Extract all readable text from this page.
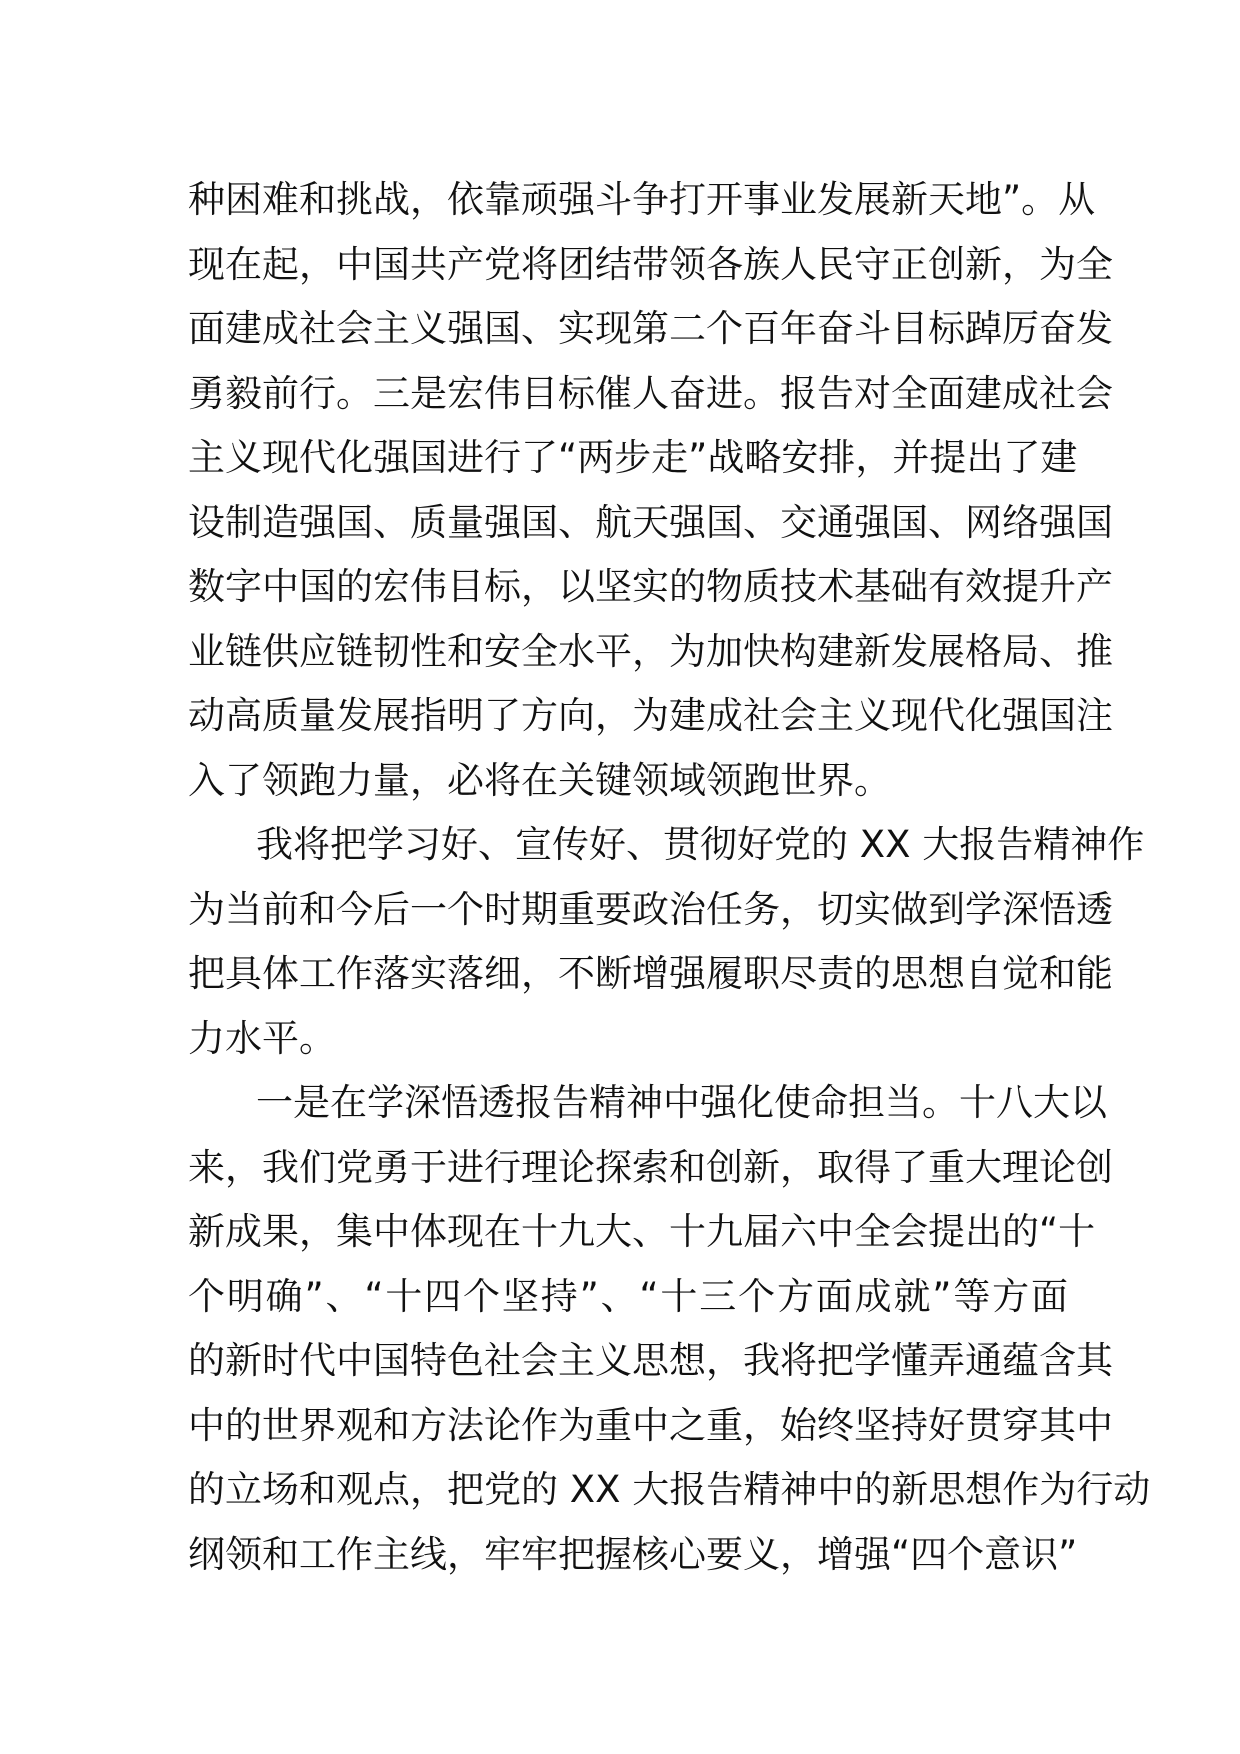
种困难和挑战，依靠顽强斗争打开事业发展新天地”。从
现在起，中国共产党将团结带领各族人民守正创新，为全
面建成社会主义强国、实现第二个百年奋斗目标踔厉奋发
勇毅前行。三是宏伟目标催人奋进。报告对全面建成社会
主义现代化强国进行了“两步走”战略安排，并提出了建
设制造强国、质量强国、航天强国、交通强国、网络强国
数字中国的宏伟目标，以坚实的物质技术基础有效提升产
业链供应链韧性和安全水平，为加快构建新发展格局、推
动高质量发展指明了方向，为建成社会主义现代化强国注
入了领跑力量，必将在关键领域领跑世界。
我将把学习好、宣传好、贯彻好党的 XX 大报告精神作
为当前和今后一个时期重要政治任务，切实做到学深悟透
把具体工作落实落细，不断增强履职尽责的思想自觉和能
力水平。
一是在学深悟透报告精神中强化使命担当。十八大以
来，我们党勇于进行理论探索和创新，取得了重大理论创
新成果，集中体现在十九大、十九届六中全会提出的“十
个明确”、“十四个坚持”、“十三个方面成就”等方面
的新时代中国特色社会主义思想，我将把学懂弄通蕴含其
中的世界观和方法论作为重中之重，始终坚持好贯穿其中
的立场和观点，把党的 XX 大报告精神中的新思想作为行动
纲领和工作主线，牢牢把握核心要义，增强“四个意识”
